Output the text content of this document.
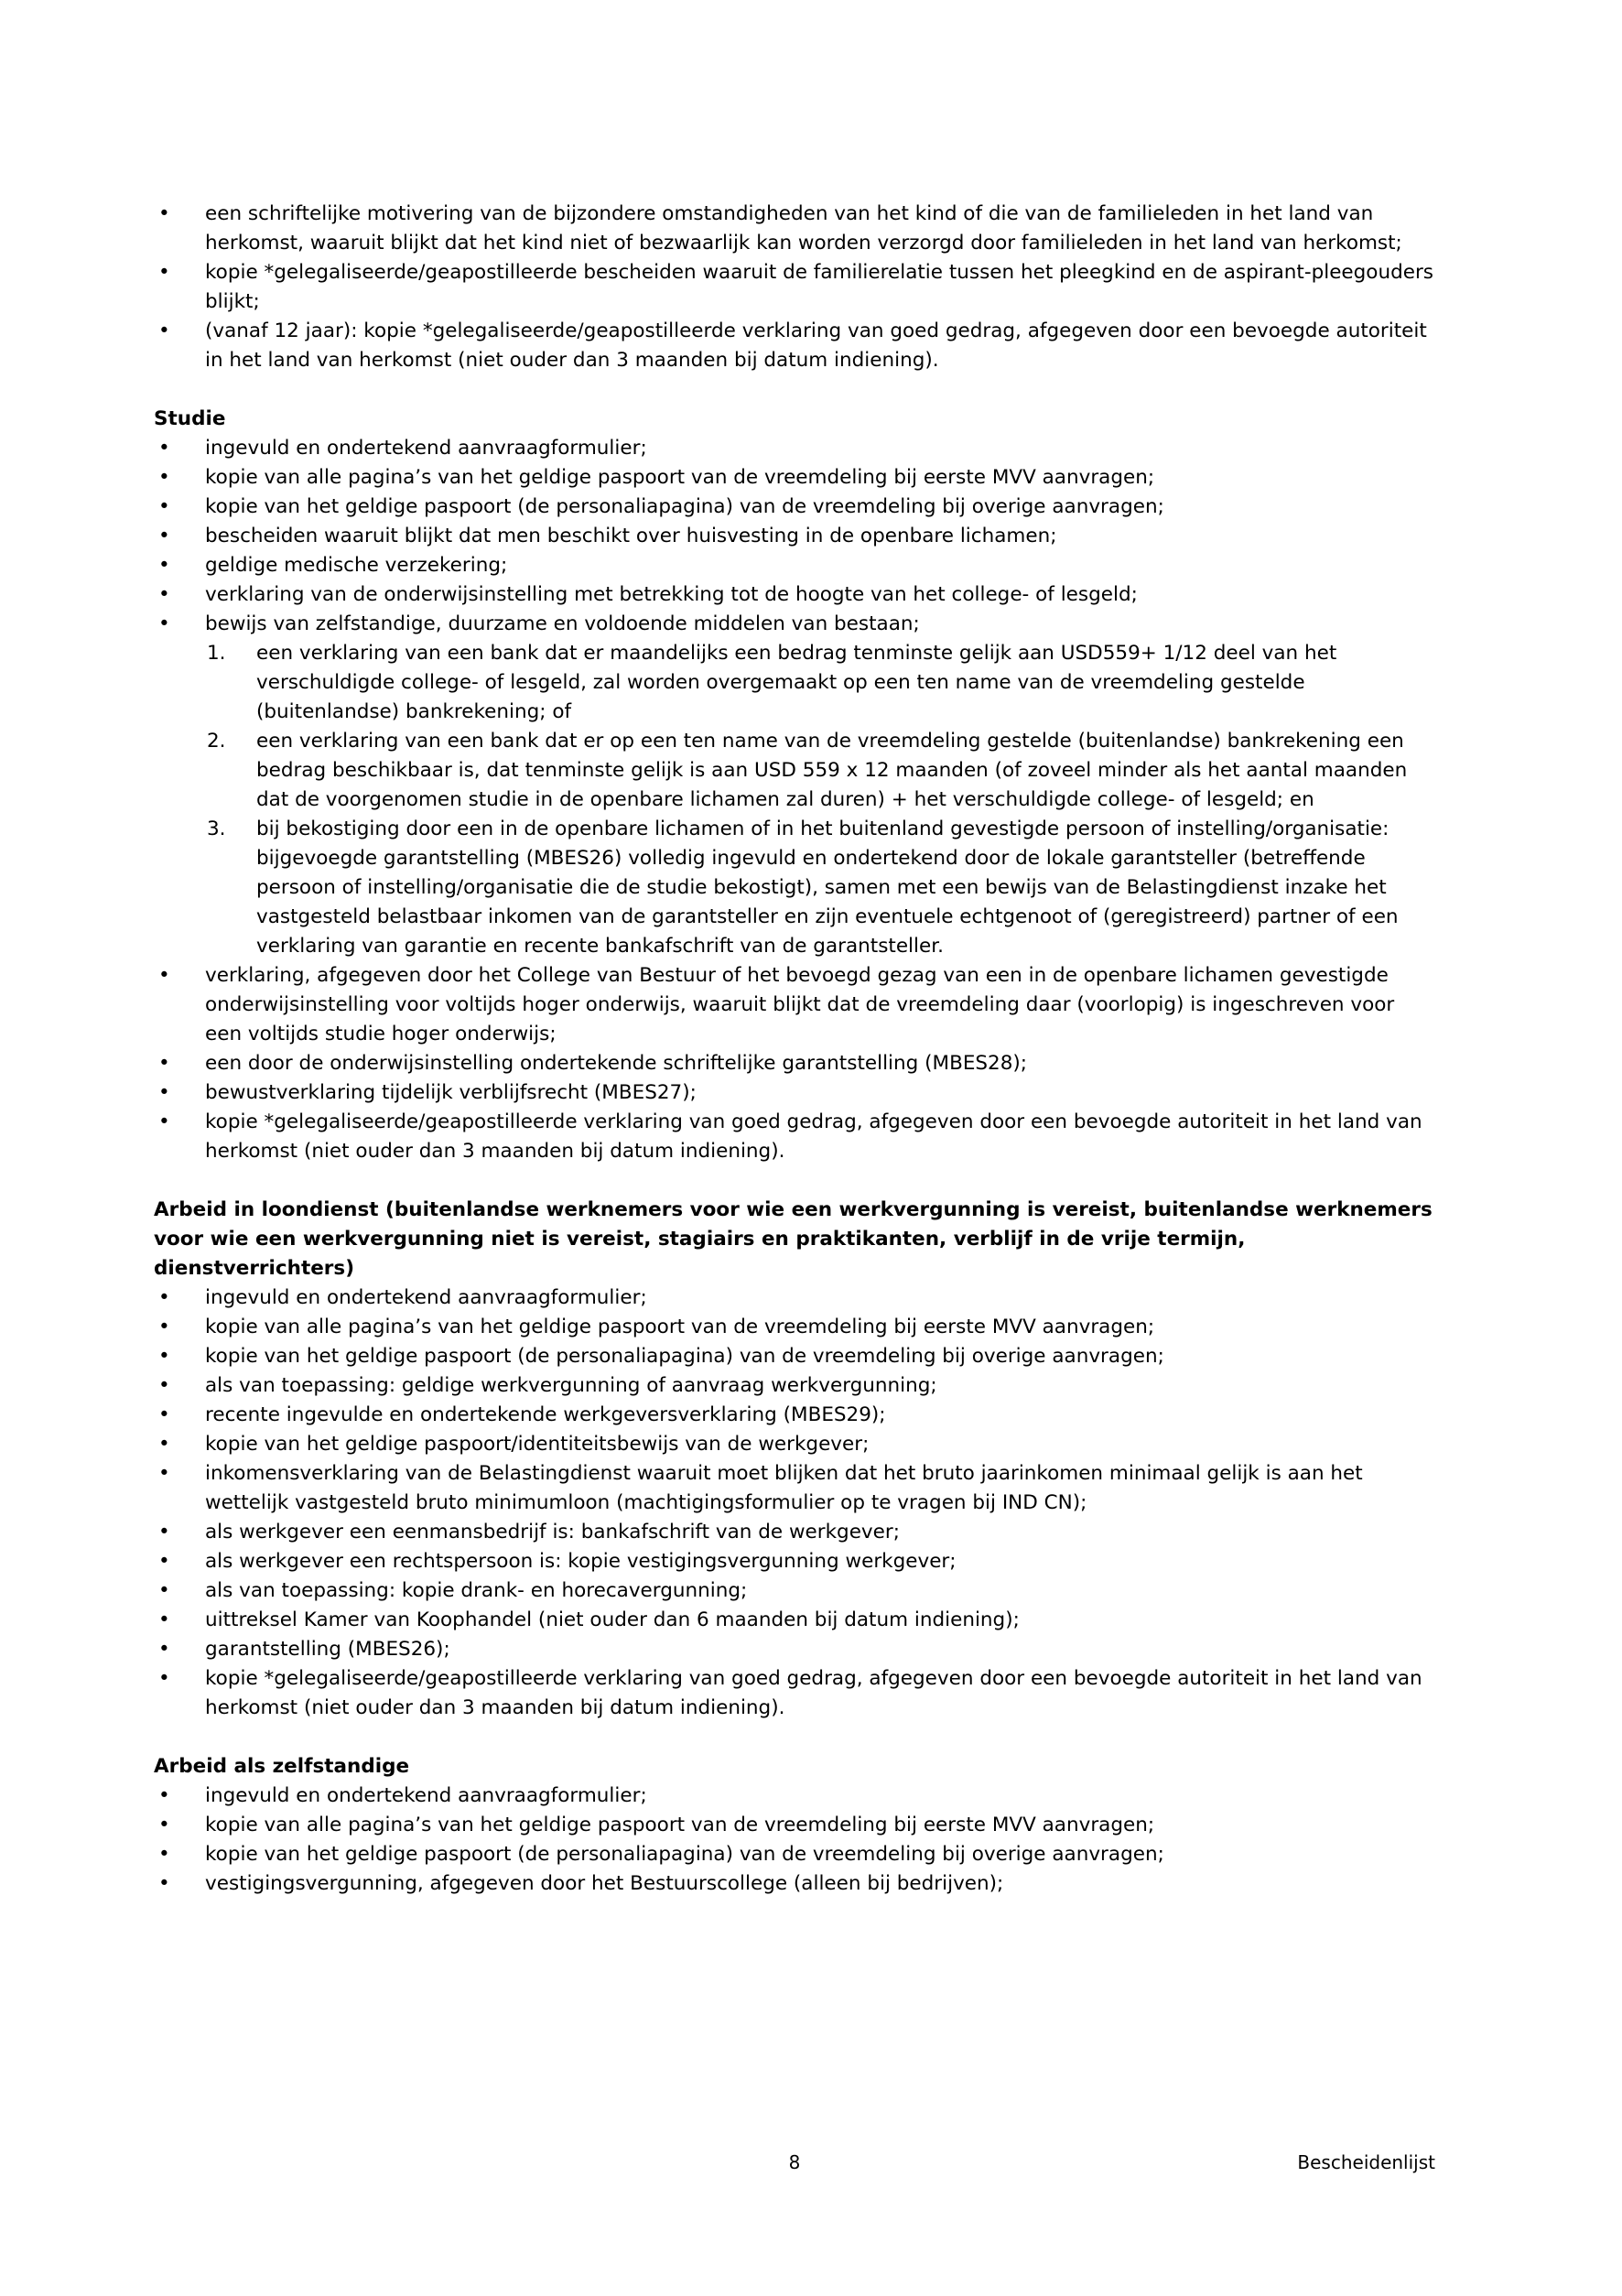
•	een schriftelijke motivering van de bijzondere omstandigheden van het kind of die van de familieleden in het land van herkomst, waaruit blijkt dat het kind niet of bezwaarlijk kan worden verzorgd door familieleden in het land van herkomst;
•	kopie *gelegaliseerde/geapostilleerde bescheiden waaruit de familierelatie tussen het pleegkind en de aspirant-pleegouders blijkt;
•	(vanaf 12 jaar): kopie *gelegaliseerde/geapostilleerde verklaring van goed gedrag, afgegeven door een bevoegde autoriteit in het land van herkomst (niet ouder dan 3 maanden bij datum indiening).
Studie
•	ingevuld en ondertekend aanvraagformulier;
•	kopie van alle pagina’s van het geldige paspoort van de vreemdeling bij eerste MVV aanvragen;
•	kopie van het geldige paspoort (de personaliapagina) van de vreemdeling bij overige aanvragen;
•	bescheiden waaruit blijkt dat men beschikt over huisvesting in de openbare lichamen;
•	geldige medische verzekering;
•	verklaring van de onderwijsinstelling met betrekking tot de hoogte van het college- of lesgeld;
•	bewijs van zelfstandige, duurzame en voldoende middelen van bestaan;
1.	een verklaring van een bank dat er maandelijks een bedrag tenminste gelijk aan USD559+ 1/12 deel van het verschuldigde college- of lesgeld, zal worden overgemaakt op een ten name van de vreemdeling gestelde (buitenlandse) bankrekening; of
2.	een verklaring van een bank dat er op een ten name van de vreemdeling gestelde (buitenlandse) bankrekening een bedrag beschikbaar is, dat tenminste gelijk is aan USD 559 x 12 maanden (of zoveel minder als het aantal maanden dat de voorgenomen studie in de openbare lichamen zal duren) + het verschuldigde college- of lesgeld; en
3.	bij bekostiging door een in de openbare lichamen of in het buitenland gevestigde persoon of instelling/organisatie: bijgevoegde garantstelling (MBES26) volledig ingevuld en ondertekend door de lokale garantsteller (betreffende persoon of instelling/organisatie die de studie bekostigt), samen met een bewijs van de Belastingdienst inzake het vastgesteld belastbaar inkomen van de garantsteller en zijn eventuele echtgenoot of (geregistreerd) partner of een verklaring van garantie en recente bankafschrift van de garantsteller.
•	verklaring, afgegeven door het College van Bestuur of het bevoegd gezag van een in de openbare lichamen gevestigde onderwijsinstelling voor voltijds hoger onderwijs, waaruit blijkt dat de vreemdeling daar (voorlopig) is ingeschreven voor een voltijds studie hoger onderwijs;
•	een door de onderwijsinstelling ondertekende schriftelijke garantstelling (MBES28);
•	bewustverklaring tijdelijk verblijfsrecht (MBES27);
•	kopie *gelegaliseerde/geapostilleerde verklaring van goed gedrag, afgegeven door een bevoegde autoriteit in het land van herkomst (niet ouder dan 3 maanden bij datum indiening).
Arbeid in loondienst (buitenlandse werknemers voor wie een werkvergunning is vereist, buitenlandse werknemers voor wie een werkvergunning niet is vereist, stagiairs en praktikanten, verblijf in de vrije termijn, dienstverrichters)
•	ingevuld en ondertekend aanvraagformulier;
•	kopie van alle pagina’s van het geldige paspoort van de vreemdeling bij eerste MVV aanvragen;
•	kopie van het geldige paspoort (de personaliapagina) van de vreemdeling bij overige aanvragen;
•	als van toepassing: geldige werkvergunning of aanvraag werkvergunning;
•	recente ingevulde en ondertekende werkgeversverklaring (MBES29);
•	kopie van het geldige paspoort/identiteitsbewijs van de werkgever;
•	inkomensverklaring van de Belastingdienst waaruit moet blijken dat het bruto jaarinkomen minimaal gelijk is aan het wettelijk vastgesteld bruto minimumloon (machtigingsformulier op te vragen bij IND CN);
•	als werkgever een eenmansbedrijf is: bankafschrift van de werkgever;
•	als werkgever een rechtspersoon is: kopie vestigingsvergunning werkgever;
•	als van toepassing: kopie drank- en horecavergunning;
•	uittreksel Kamer van Koophandel (niet ouder dan 6 maanden bij datum indiening);
•	garantstelling (MBES26);
•	kopie *gelegaliseerde/geapostilleerde verklaring van goed gedrag, afgegeven door een bevoegde autoriteit in het land van herkomst (niet ouder dan 3 maanden bij datum indiening).
Arbeid als zelfstandige
•	ingevuld en ondertekend aanvraagformulier;
•	kopie van alle pagina’s van het geldige paspoort van de vreemdeling bij eerste MVV aanvragen;
•	kopie van het geldige paspoort (de personaliapagina) van de vreemdeling bij overige aanvragen;
•	vestigingsvergunning, afgegeven door het Bestuurscollege (alleen bij bedrijven);
8	Bescheidenlijst
